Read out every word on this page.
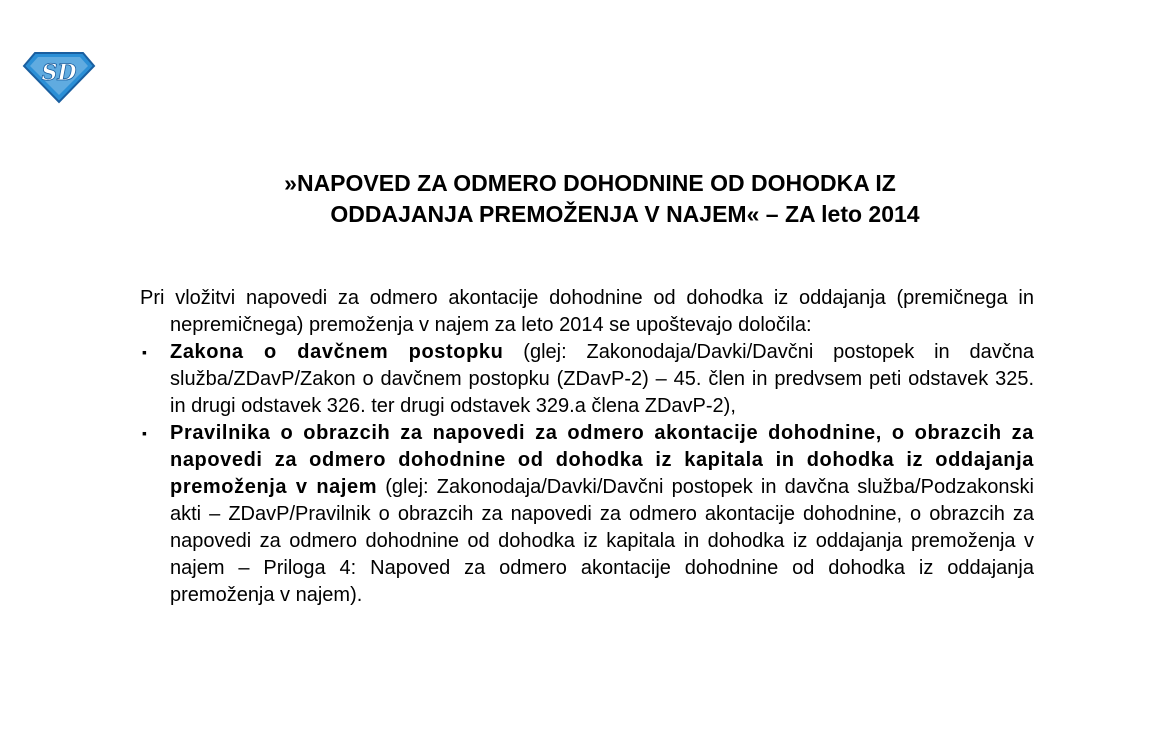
SD
»NAPOVED ZA ODMERO DOHODNINE OD DOHODKA IZ
ODDAJANJA PREMOŽENJA V NAJEM« – ZA leto 2014

Pri vložitvi napovedi za odmero akontacije dohodnine od dohodka iz oddajanja (premičnega in nepremičnega) premoženja v najem za leto 2014 se upoštevajo določila:

▪ Zakona o davčnem postopku (glej: Zakonodaja/Davki/Davčni postopek in davčna služba/ZDavP/Zakon o davčnem postopku (ZDavP-2) – 45. člen in predvsem peti odstavek 325. in drugi odstavek 326. ter drugi odstavek 329.a člena ZDavP-2),
▪ Pravilnika o obrazcih za napovedi za odmero akontacije dohodnine, o obrazcih za napovedi za odmero dohodnine od dohodka iz kapitala in dohodka iz oddajanja premoženja v najem (glej: Zakonodaja/Davki/Davčni postopek in davčna služba/Podzakonski akti – ZDavP/Pravilnik o obrazcih za napovedi za odmero akontacije dohodnine, o obrazcih za napovedi za odmero dohodnine od dohodka iz kapitala in dohodka iz oddajanja premoženja v najem – Priloga 4: Napoved za odmero akontacije dohodnine od dohodka iz oddajanja premoženja v najem).
